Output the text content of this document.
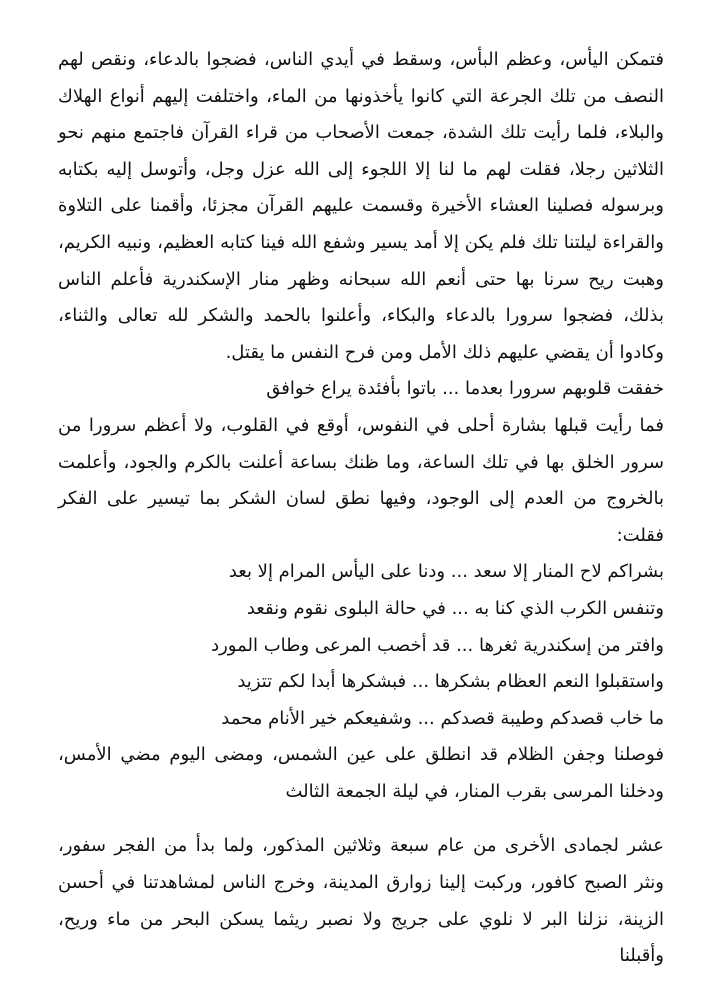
فتمكن اليأس، وعظم البأس، وسقط في أيدي الناس، فضجوا بالدعاء، ونقص لهم النصف من تلك الجرعة التي كانوا يأخذونها من الماء، واختلفت إليهم أنواع الهلاك والبلاء، فلما رأيت تلك الشدة، جمعت الأصحاب من قراء القرآن فاجتمع منهم نحو الثلاثين رجلا، فقلت لهم ما لنا إلا اللجوء إلى الله عزل وجل، وأتوسل إليه بكتابه وبرسوله فصلينا العشاء الأخيرة وقسمت عليهم القرآن مجزئا، وأقمنا على التلاوة والقراءة ليلتنا تلك فلم يكن إلا أمد يسير وشفع الله فينا كتابه العظيم، ونبيه الكريم، وهبت ريح سرنا بها حتى أنعم الله سبحانه وظهر منار الإسكندرية فأعلم الناس بذلك، فضجوا سرورا بالدعاء والبكاء، وأعلنوا بالحمد والشكر لله تعالى والثناء، وكادوا أن يقضي عليهم ذلك الأمل ومن فرح النفس ما يقتل.

خفقت قلوبهم سرورا بعدما ... باتوا بأفئدة يراع خوافق

فما رأيت قبلها بشارة أحلى في النفوس، أوقع في القلوب، ولا أعظم سرورا من سرور الخلق بها في تلك الساعة، وما ظنك بساعة أعلنت بالكرم والجود، وأعلمت بالخروج من العدم إلى الوجود، وفيها نطق لسان الشكر بما تيسير على الفكر فقلت:

بشراكم لاح المنار إلا سعد ... ودنا على اليأس المرام إلا بعد

وتنفس الكرب الذي كنا به ... في حالة البلوى نقوم ونقعد

وافتر من إسكندرية ثغرها ... قد أخصب المرعى وطاب المورد

واستقبلوا النعم العظام بشكرها ... فبشكرها أبدا لكم تتزيد

ما خاب قصدكم وطيبة قصدكم ... وشفيعكم خير الأنام محمد

فوصلنا وجفن الظلام قد انطلق على عين الشمس، ومضى اليوم مضي الأمس، ودخلنا المرسى بقرب المنار، في ليلة الجمعة الثالث

عشر لجمادى الأخرى من عام سبعة وثلاثين المذكور، ولما بدأ من الفجر سفور، ونثر الصبح كافور، وركبت إلينا زوارق المدينة، وخرج الناس لمشاهدتنا في أحسن الزينة، نزلنا البر لا نلوي على جريج ولا نصبر ريثما يسكن البحر من ماء وريح، وأقبلنا
